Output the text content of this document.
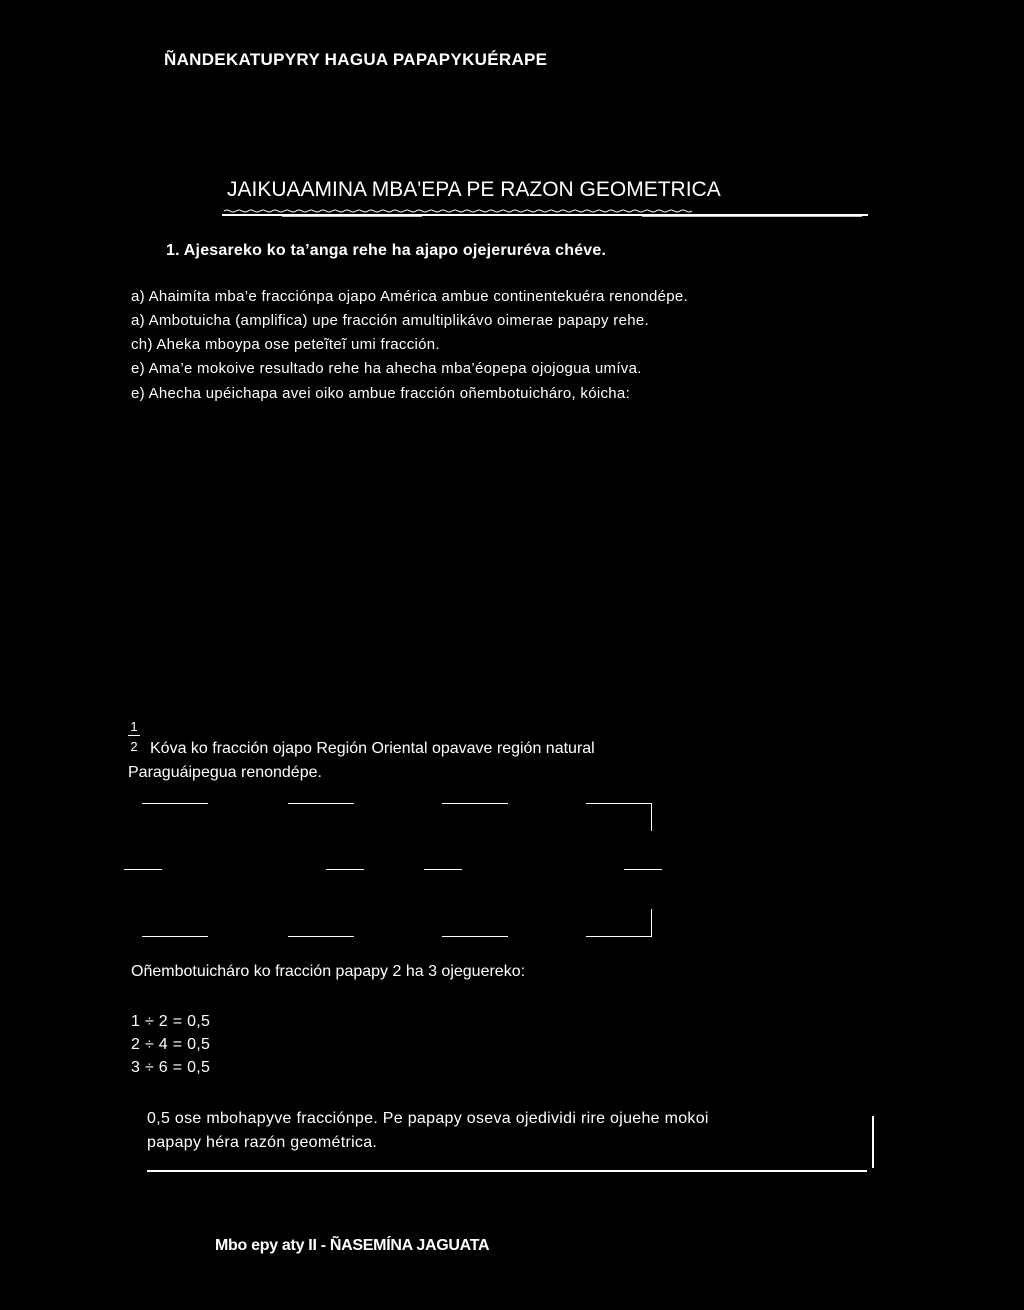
ÑANDEKATUPYRY HAGUA PAPAPYKUÉRAPE
JAIKUAAMINA MBA'EPA PE RAZON GEOMETRICA
1. Ajesareko ko ta’anga rehe ha ajapo ojejeruréva chéve.
a) Ahaimíta mba’e fracciónpa ojapo América ambue continentekuéra renondépe.
a) Ambotuicha (amplifica) upe fracción amultiplikávo oimerae papapy rehe.
ch) Aheka mboypa ose peteĩteĩ umi fracción.
e) Ama’e mokoive resultado rehe ha ahecha mba’éopepa ojojogua umíva.
e) Ahecha upéichapa avei oiko ambue fracción oñembotuicháro, kóicha:
1
2 Kóva ko fracción ojapo Región Oriental opavave región natural
Paraguáipegua renondépe.
Oñembotuicháro ko fracción papapy 2 ha 3 ojeguereko:
1 ÷ 2 = 0,5
2 ÷ 4 = 0,5
3 ÷ 6 = 0,5
0,5 ose mbohapyve fracciónpe. Pe papapy oseva ojedividi rire ojuehe mokoi
papapy héra razón geométrica.
Mbo epy aty II - ÑASEMÍNA JAGUATA
